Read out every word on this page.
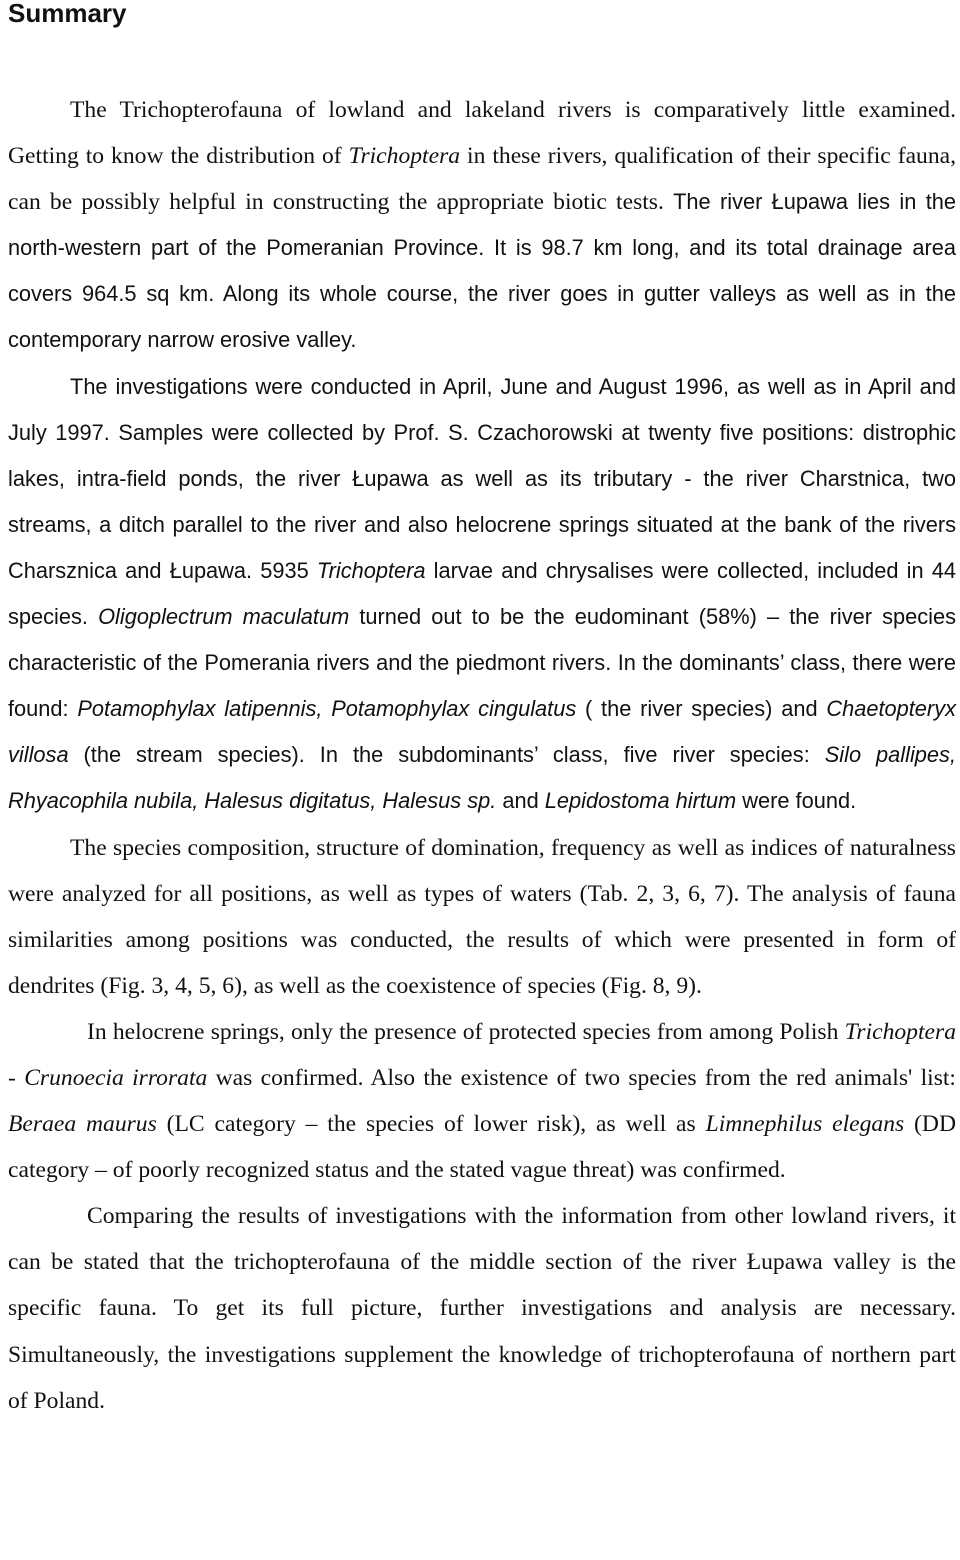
Summary

The Trichopterofauna of lowland and lakeland rivers is comparatively little examined. Getting to know the distribution of Trichoptera in these rivers, qualification of their specific fauna, can be possibly helpful in constructing the appropriate biotic tests. The river Łupawa lies in the north-western part of the Pomeranian Province. It is 98.7 km long, and its total drainage area covers 964.5 sq km. Along its whole course, the river goes in gutter valleys as well as in the contemporary narrow erosive valley.

The investigations were conducted in April, June and August 1996, as well as in April and July 1997. Samples were collected by Prof. S. Czachorowski at twenty five positions: distrophic lakes, intra-field ponds, the river Łupawa as well as its tributary - the river Charstnica, two streams, a ditch parallel to the river and also helocrene springs situated at the bank of the rivers Charsznica and Łupawa. 5935 Trichoptera larvae and chrysalises were collected, included in 44 species. Oligoplectrum maculatum turned out to be the eudominant (58%) – the river species characteristic of the Pomerania rivers and the piedmont rivers. In the dominants’ class, there were found: Potamophylax latipennis, Potamophylax cingulatus ( the river species) and Chaetopteryx villosa (the stream species). In the subdominants’ class, five river species: Silo pallipes, Rhyacophila nubila, Halesus digitatus, Halesus sp. and Lepidostoma hirtum were found.

The species composition, structure of domination, frequency as well as indices of naturalness were analyzed for all positions, as well as types of waters (Tab. 2, 3, 6, 7). The analysis of fauna similarities among positions was conducted, the results of which were presented in form of dendrites (Fig. 3, 4, 5, 6), as well as the coexistence of species (Fig. 8, 9).

In helocrene springs, only the presence of protected species from among Polish Trichoptera - Crunoecia irrorata was confirmed. Also the existence of two species from the red animals' list: Beraea maurus (LC category – the species of lower risk), as well as Limnephilus elegans (DD category – of poorly recognized status and the stated vague threat) was confirmed.

Comparing the results of investigations with the information from other lowland rivers, it can be stated that the trichopterofauna of the middle section of the river Łupawa valley is the specific fauna. To get its full picture, further investigations and analysis are necessary. Simultaneously, the investigations supplement the knowledge of trichopterofauna of northern part of Poland.
